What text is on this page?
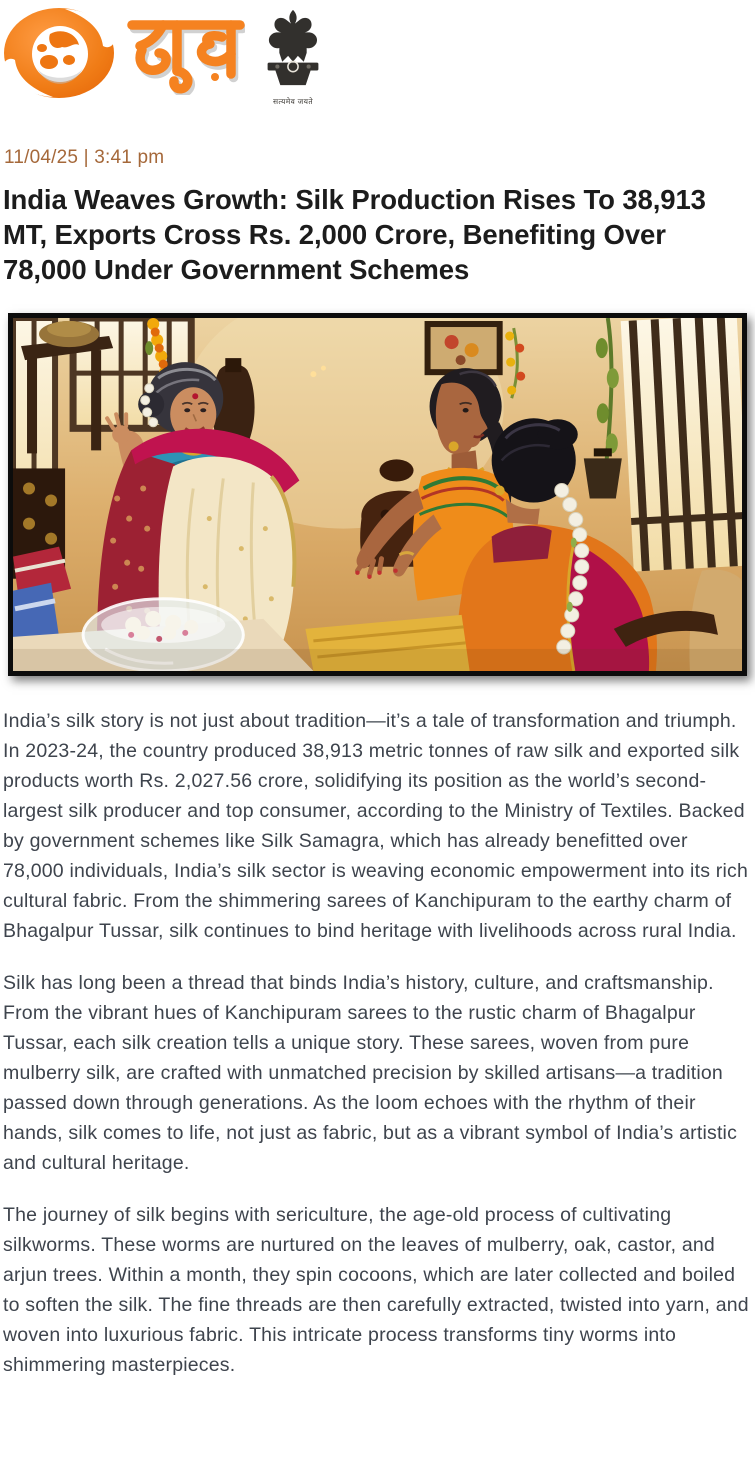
सत्यमेव जयते
11/04/25 | 3:41 pm
India Weaves Growth: Silk Production Rises To 38,913 MT, Exports Cross Rs. 2,000 Crore, Benefiting Over 78,000 Under Government Schemes

India’s silk story is not just about tradition—it’s a tale of transformation and triumph. In 2023-24, the country produced 38,913 metric tonnes of raw silk and exported silk products worth Rs. 2,027.56 crore, solidifying its position as the world’s second-largest silk producer and top consumer, according to the Ministry of Textiles. Backed by government schemes like Silk Samagra, which has already benefitted over 78,000 individuals, India’s silk sector is weaving economic empowerment into its rich cultural fabric. From the shimmering sarees of Kanchipuram to the earthy charm of Bhagalpur Tussar, silk continues to bind heritage with livelihoods across rural India.

Silk has long been a thread that binds India’s history, culture, and craftsmanship. From the vibrant hues of Kanchipuram sarees to the rustic charm of Bhagalpur Tussar, each silk creation tells a unique story. These sarees, woven from pure mulberry silk, are crafted with unmatched precision by skilled artisans—a tradition passed down through generations. As the loom echoes with the rhythm of their hands, silk comes to life, not just as fabric, but as a vibrant symbol of India’s artistic and cultural heritage.

The journey of silk begins with sericulture, the age-old process of cultivating silkworms. These worms are nurtured on the leaves of mulberry, oak, castor, and arjun trees. Within a month, they spin cocoons, which are later collected and boiled to soften the silk. The fine threads are then carefully extracted, twisted into yarn, and woven into luxurious fabric. This intricate process transforms tiny worms into shimmering masterpieces.
